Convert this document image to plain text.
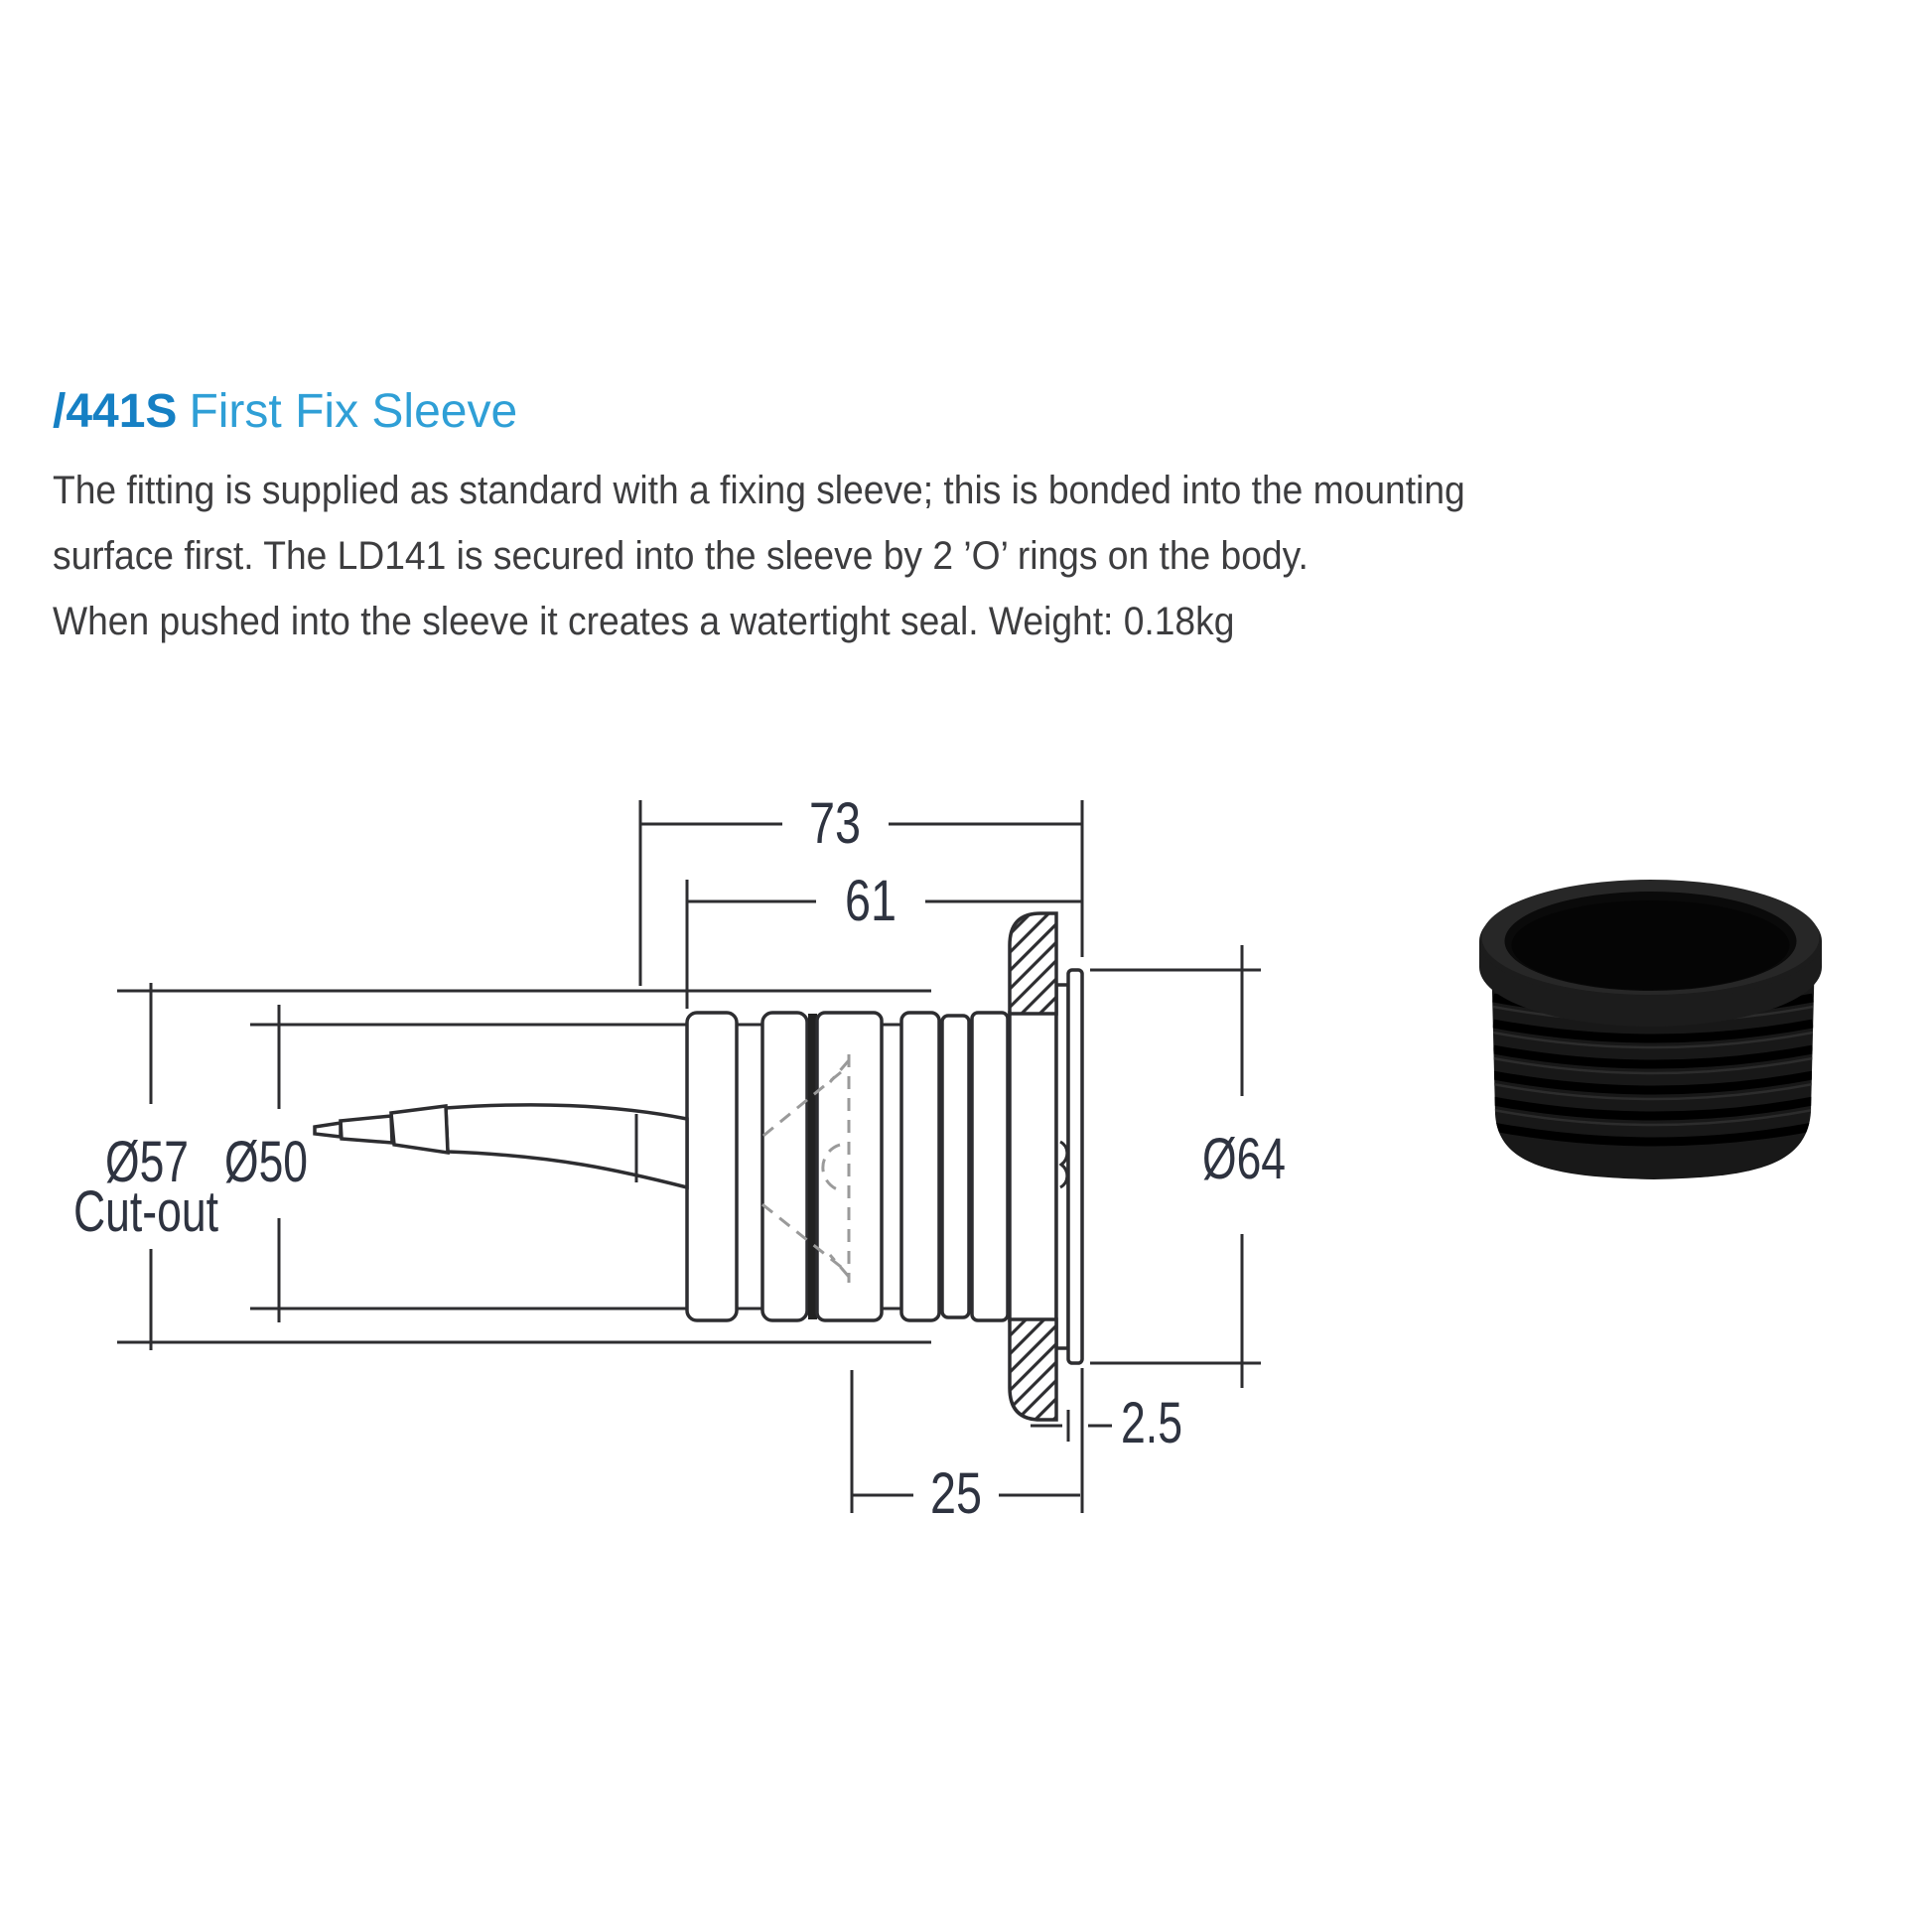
/441S First Fix Sleeve
The fitting is supplied as standard with a fixing sleeve; this is bonded into the mounting
surface first. The LD141 is secured into the sleeve by 2 ’O’ rings on the body.
When pushed into the sleeve it creates a watertight seal. Weight: 0.18kg
73
61
Ø57
Cut-out
Ø50	Ø64
2.5
25
